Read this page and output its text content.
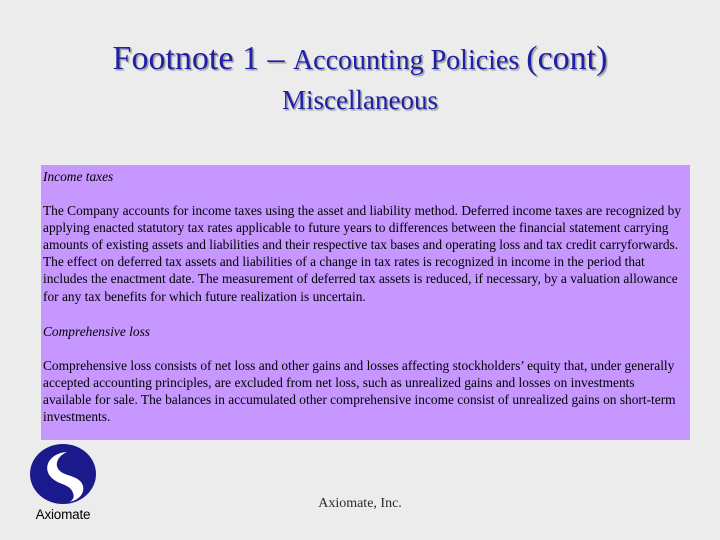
Footnote 1 – Accounting Policies (cont)
Miscellaneous

Income taxes

The Company accounts for income taxes using the asset and liability method. Deferred income taxes are recognized by applying enacted statutory tax rates applicable to future years to differences between the financial statement carrying amounts of existing assets and liabilities and their respective tax bases and operating loss and tax credit carryforwards. The effect on deferred tax assets and liabilities of a change in tax rates is recognized in income in the period that includes the enactment date. The measurement of deferred tax assets is reduced, if necessary, by a valuation allowance for any tax benefits for which future realization is uncertain.

Comprehensive loss

Comprehensive loss consists of net loss and other gains and losses affecting stockholders’ equity that, under generally accepted accounting principles, are excluded from net loss, such as unrealized gains and losses on investments available for sale. The balances in accumulated other comprehensive income consist of unrealized gains on short-term investments.

Axiomate
Axiomate, Inc.
